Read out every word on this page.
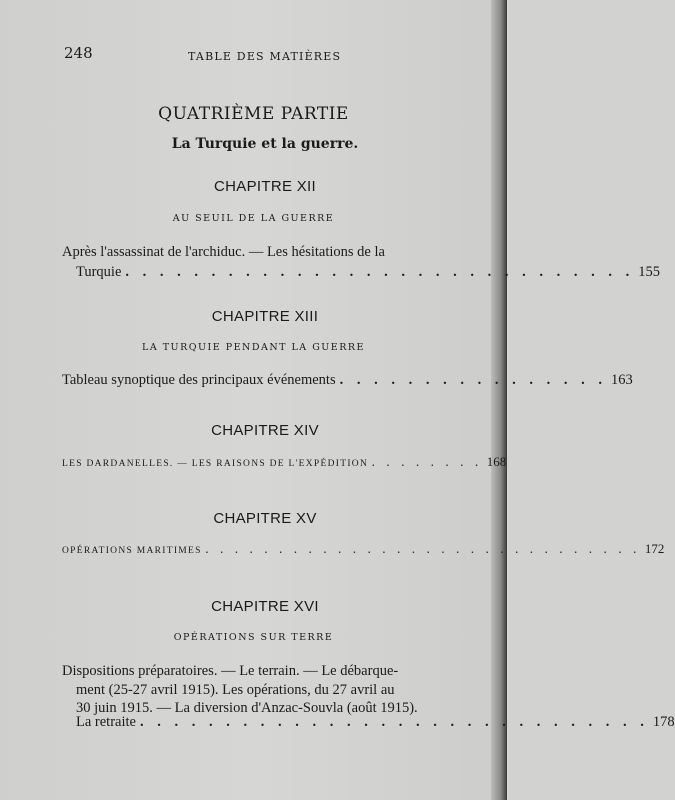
248	TABLE DES MATIÈRES
QUATRIÈME PARTIE
La Turquie et la guerre.
CHAPITRE XII
AU SEUIL DE LA GUERRE
Après l'assassinat de l'archiduc. — Les hésitations de la
Turquie . . . . . . . . . . . . . . . . . . . . . . . . . . . . . . 155
CHAPITRE XIII
LA TURQUIE PENDANT LA GUERRE
Tableau synoptique des principaux événements . . . . . . . . . . . . . . . . 163
CHAPITRE XIV
LES DARDANELLES. — LES RAISONS DE L'EXPÉDITION . . . . . . . . 168
CHAPITRE XV
OPÉRATIONS MARITIMES . . . . . . . . . . . . . . . . . . . . . . . . . . . . . . 172
CHAPITRE XVI
OPÉRATIONS SUR TERRE
Dispositions préparatoires. — Le terrain. — Le débarque-
ment (25-27 avril 1915). Les opérations, du 27 avril au
30 juin 1915. — La diversion d'Anzac-Souvla (août 1915).
La retraite . . . . . . . . . . . . . . . . . . . . . . . . . . . . . . 178
